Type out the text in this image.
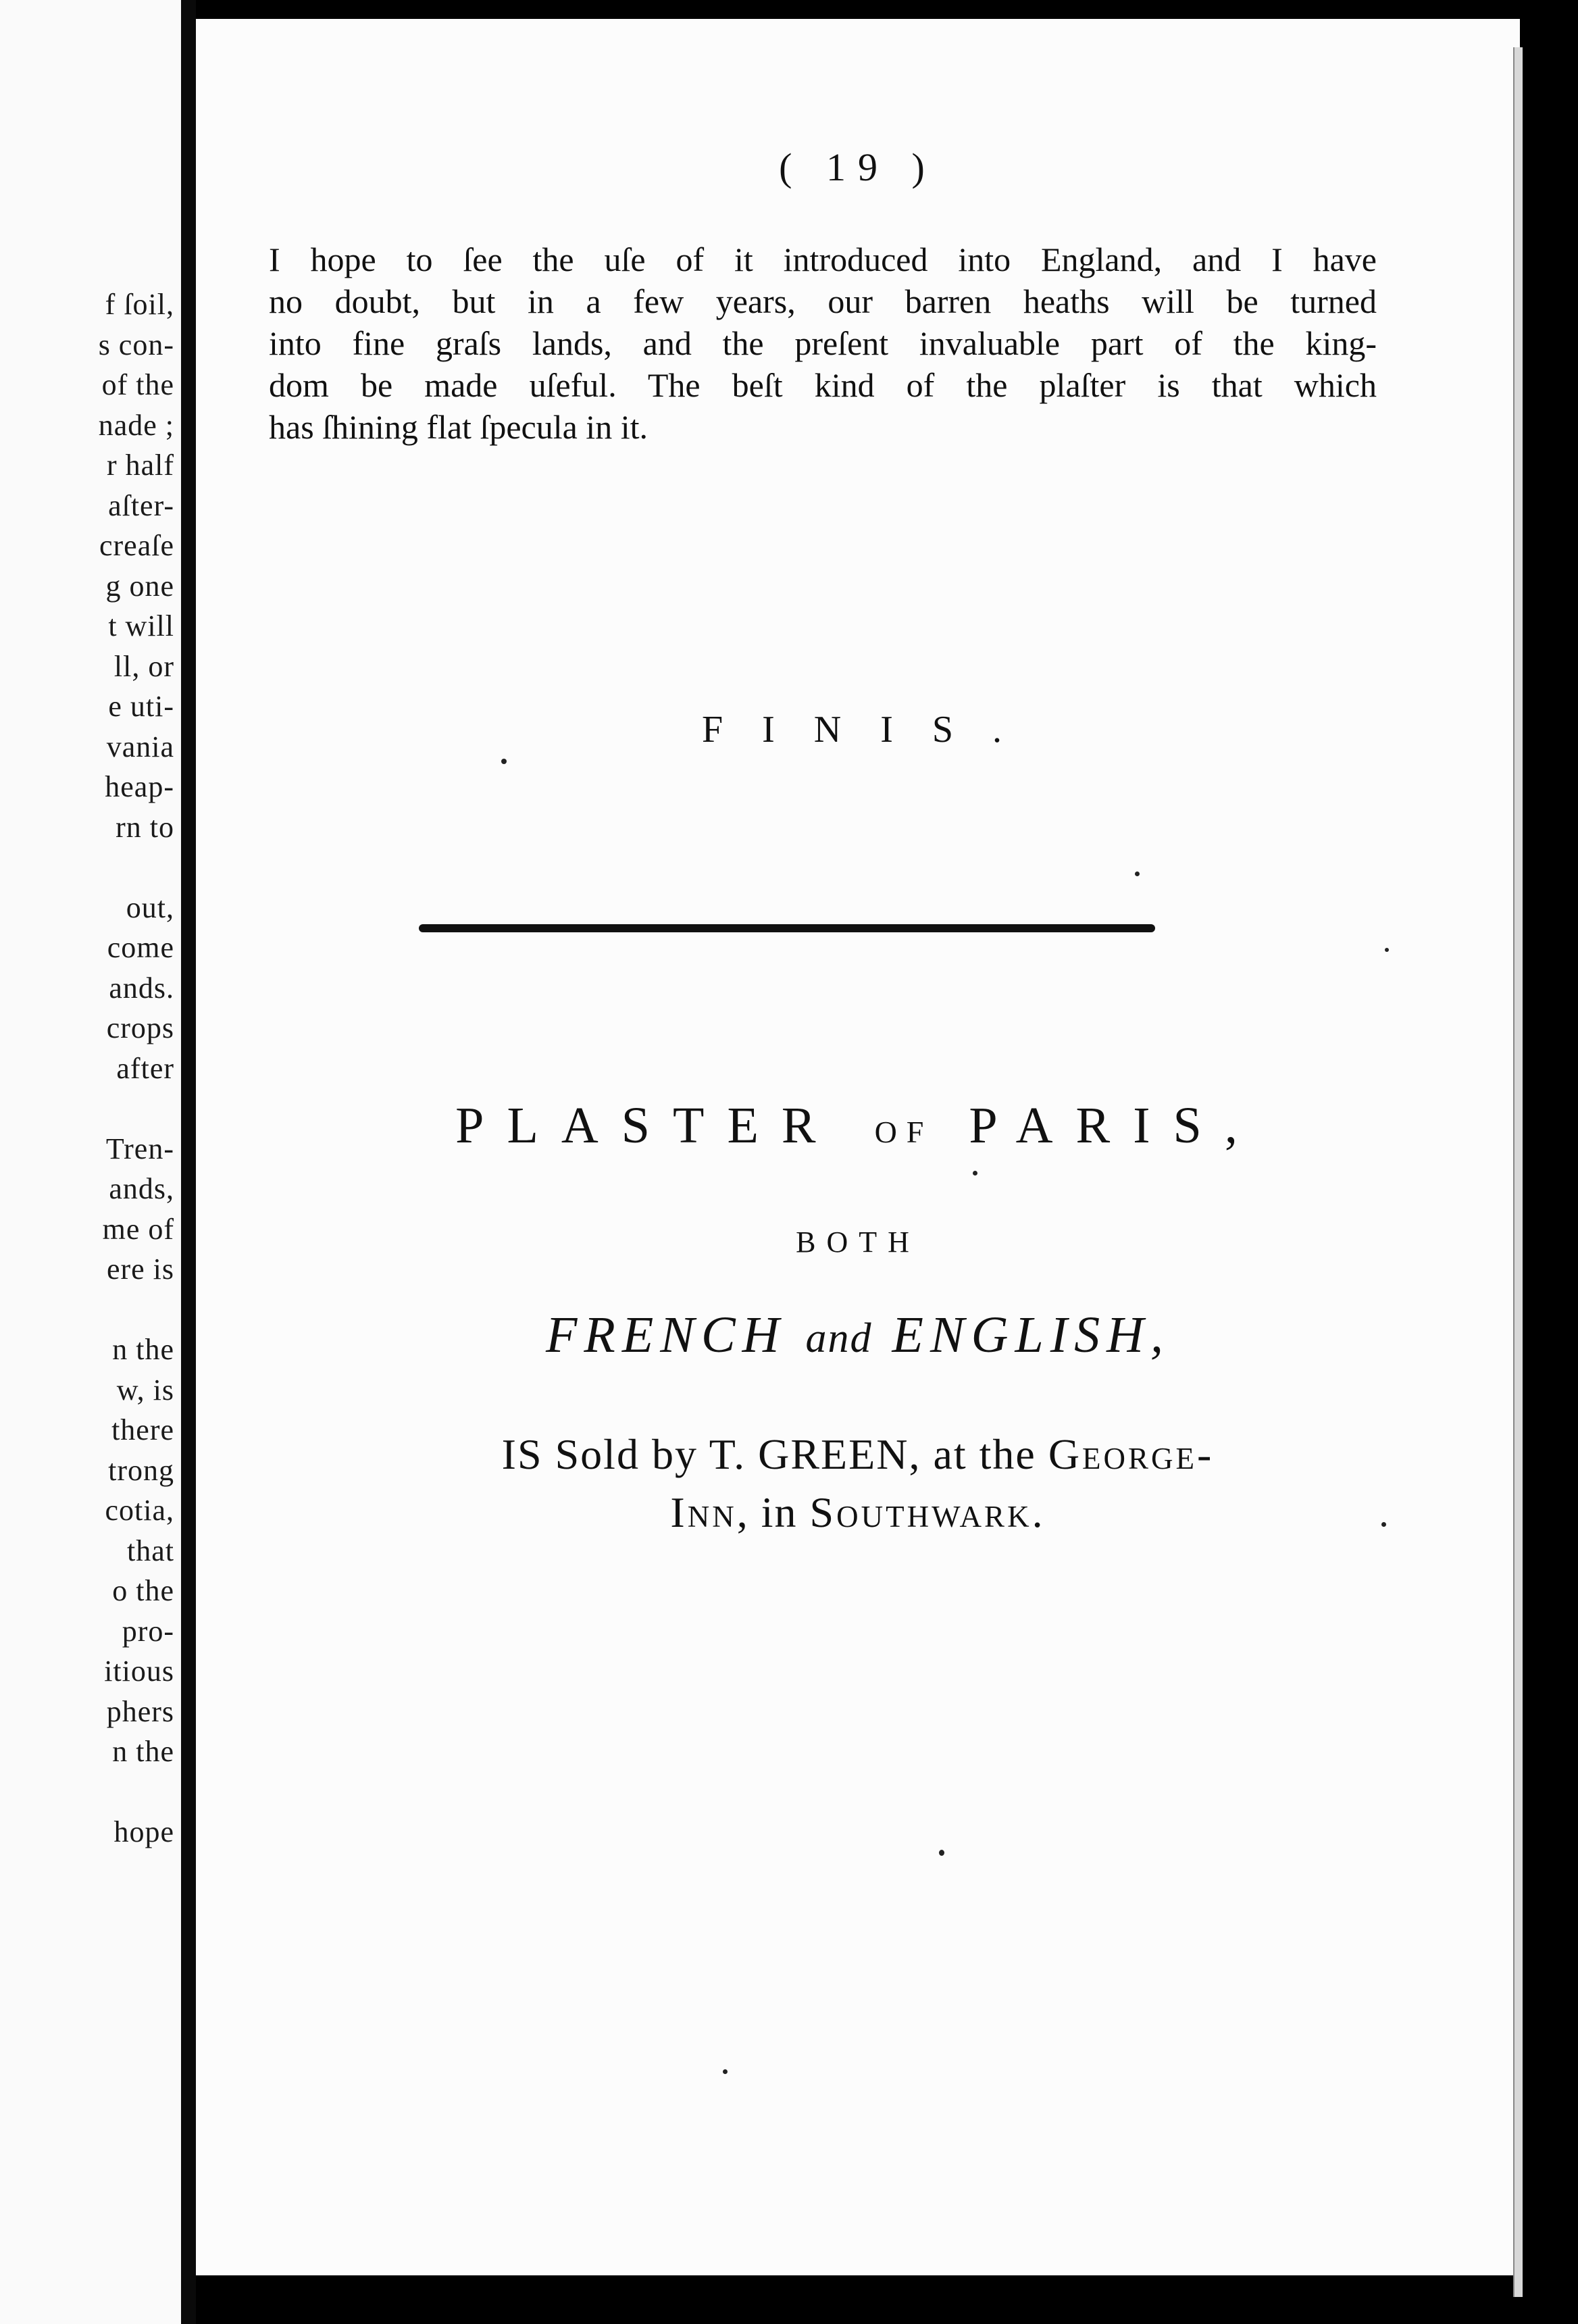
f ſoil,
s con-
of the
nade ;
r half
aſter-
creaſe
g one
t will
ll, or
e uti-
vania
heap-
rn to
out,
come
ands.
crops
after
Tren-
ands,
me of
ere is
n the
w, is
there
trong
cotia,
that
o the
pro-
itious
phers
n the
hope
( 19 )
I hope to ſee the uſe of it introduced into England, and I have
no doubt, but in a few years, our barren heaths will be turned
into fine graſs lands, and the preſent invaluable part of the king-
dom be made uſeful. The beſt kind of the plaſter is that which
has ſhining flat ſpecula in it.
FINIS.
PLASTER OF PARIS,
BOTH
FRENCH and ENGLISH,
IS Sold by T. GREEN, at the George-
Inn, in Southwark.
